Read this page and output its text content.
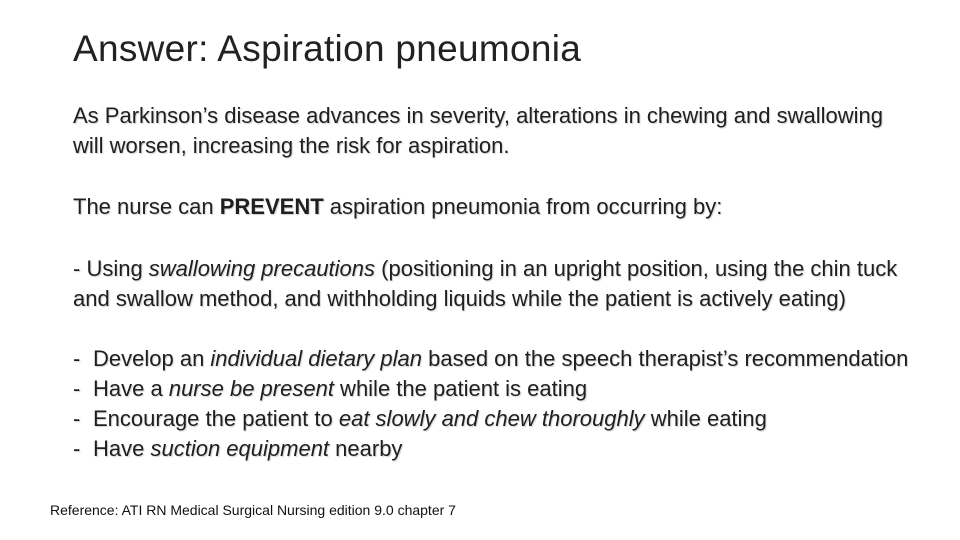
Answer: Aspiration pneumonia
As Parkinson’s disease advances in severity, alterations in chewing and swallowing will worsen, increasing the risk for aspiration.
The nurse can PREVENT aspiration pneumonia from occurring by:
- Using swallowing precautions (positioning in an upright position, using the chin tuck and swallow method, and withholding liquids while the patient is actively eating)
- Develop an individual dietary plan based on the speech therapist’s recommendation
- Have a nurse be present while the patient is eating
- Encourage the patient to eat slowly and chew thoroughly while eating
- Have suction equipment nearby
Reference: ATI RN Medical Surgical Nursing edition 9.0 chapter 7
